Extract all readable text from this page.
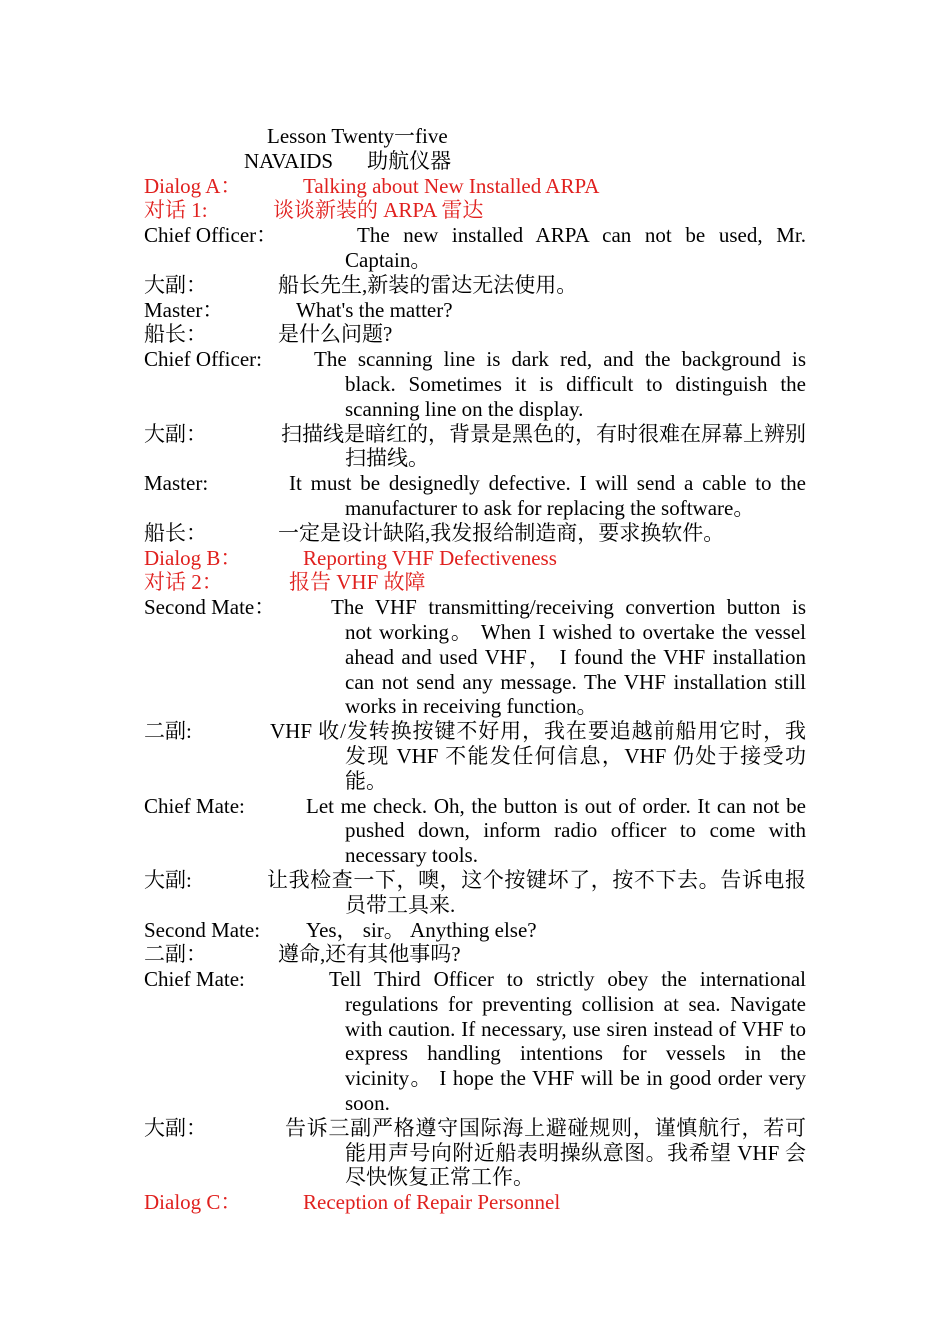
Lesson Twenty一five
NAVAIDS 助航仪器
Dialog A：	Talking about New Installed ARPA
对话 1:	谈谈新装的 ARPA 雷达
Chief Officer：	The new installed ARPA can not be used, Mr. Captain。
大副：	船长先生,新装的雷达无法使用。
Master：	What's the matter?
船长：	是什么问题?
Chief Officer: The scanning line is dark red, and the background is black. Sometimes it is difficult to distinguish the scanning line on the display.
大副：	扫描线是暗红的，背景是黑色的，有时很难在屏幕上辨别扫描线。
Master:	It must be designedly defective. I will send a cable to the manufacturer to ask for replacing the software。
船长：	一定是设计缺陷,我发报给制造商，要求换软件。
Dialog B：	Reporting VHF Defectiveness
对话 2：	报告 VHF 故障
Second Mate：	The VHF transmitting/receiving convertion button is not working。 When I wished to overtake the vessel ahead and used VHF， I found the VHF installation can not send any message. The VHF installation still works in receiving function。
二副:	VHF 收/发转换按键不好用，我在要追越前船用它时，我发现 VHF 不能发任何信息，VHF 仍处于接受功能。
Chief Mate:	Let me check. Oh, the button is out of order. It can not be pushed down, inform radio officer to come with necessary tools.
大副:	让我检查一下，噢，这个按键坏了，按不下去。告诉电报员带工具来.
Second Mate: Yes， sir。 Anything else?
二副：	遵命,还有其他事吗?
Chief Mate:	Tell Third Officer to strictly obey the international regulations for preventing collision at sea. Navigate with caution. If necessary, use siren instead of VHF to express handling intentions for vessels in the vicinity。 I hope the VHF will be in good order very soon.
大副：	告诉三副严格遵守国际海上避碰规则，谨慎航行，若可能用声号向附近船表明操纵意图。我希望 VHF 会尽快恢复正常工作。
Dialog C：	Reception of Repair Personnel
